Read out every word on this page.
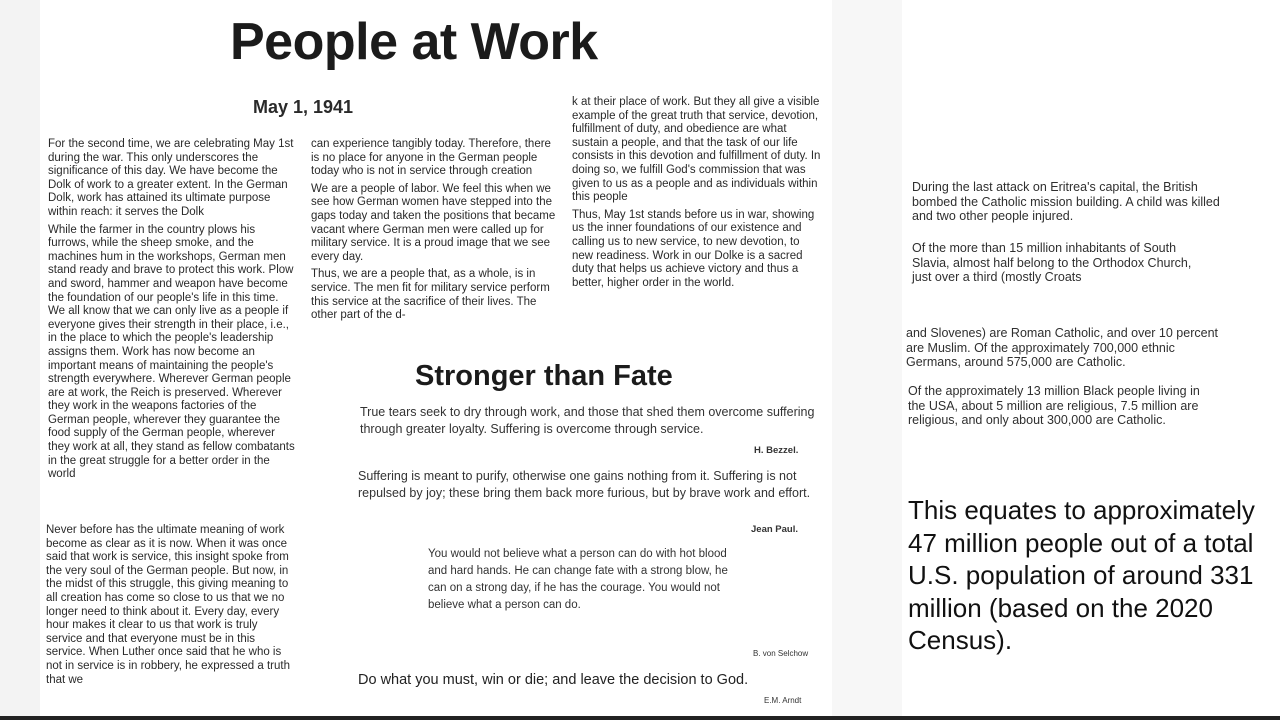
People at Work
May 1, 1941
For the second time, we are celebrating May 1st during the war. This only underscores the significance of this day. We have become the Dolk of work to a greater extent. In the German Dolk, work has attained its ultimate purpose within reach: it serves the Dolk
While the farmer in the country plows his furrows, while the sheep smoke, and the machines hum in the workshops, German men stand ready and brave to protect this work. Plow and sword, hammer and weapon have become the foundation of our people's life in this time. We all know that we can only live as a people if everyone gives their strength in their place, i.e., in the place to which the people's leadership assigns them. Work has now become an important means of maintaining the people's strength everywhere. Wherever German people are at work, the Reich is preserved. Wherever they work in the weapons factories of the German people, wherever they guarantee the food supply of the German people, wherever they work at all, they stand as fellow combatants in the great struggle for a better order in the world
Never before has the ultimate meaning of work become as clear as it is now. When it was once said that work is service, this insight spoke from the very soul of the German people. But now, in the midst of this struggle, this giving meaning to all creation has come so close to us that we no longer need to think about it. Every day, every hour makes it clear to us that work is truly service and that everyone must be in this service. When Luther once said that he who is not in service is in robbery, he expressed a truth that we
can experience tangibly today. Therefore, there is no place for anyone in the German people today who is not in service through creation
We are a people of labor. We feel this when we see how German women have stepped into the gaps today and taken the positions that became vacant where German men were called up for military service. It is a proud image that we see every day.
Thus, we are a people that, as a whole, is in service. The men fit for military service perform this service at the sacrifice of their lives. The other part of the d-
k at their place of work. But they all give a visible example of the great truth that service, devotion, fulfillment of duty, and obedience are what sustain a people, and that the task of our life consists in this devotion and fulfillment of duty. In doing so, we fulfill God's commission that was given to us as a people and as individuals within this people
Thus, May 1st stands before us in war, showing us the inner foundations of our existence and calling us to new service, to new devotion, to new readiness. Work in our Dolke is a sacred duty that helps us achieve victory and thus a better, higher order in the world.
Stronger than Fate
True tears seek to dry through work, and those that shed them overcome suffering through greater loyalty. Suffering is overcome through service.
H. Bezzel.
Suffering is meant to purify, otherwise one gains nothing from it. Suffering is not repulsed by joy; these bring them back more furious, but by brave work and effort.
Jean Paul.
You would not believe what a person can do with hot blood and hard hands. He can change fate with a strong blow, he can on a strong day, if he has the courage. You would not believe what a person can do.
B. von Selchow
Do what you must, win or die; and leave the decision to God.
E.M. Arndt
During the last attack on Eritrea's capital, the British bombed the Catholic mission building. A child was killed and two other people injured.
Of the more than 15 million inhabitants of South Slavia, almost half belong to the Orthodox Church, just over a third (mostly Croats
and Slovenes) are Roman Catholic, and over 10 percent are Muslim. Of the approximately 700,000 ethnic Germans, around 575,000 are Catholic.
Of the approximately 13 million Black people living in the USA, about 5 million are religious, 7.5 million are religious, and only about 300,000 are Catholic.
This equates to approximately 47 million people out of a total U.S. population of around 331 million (based on the 2020 Census).
